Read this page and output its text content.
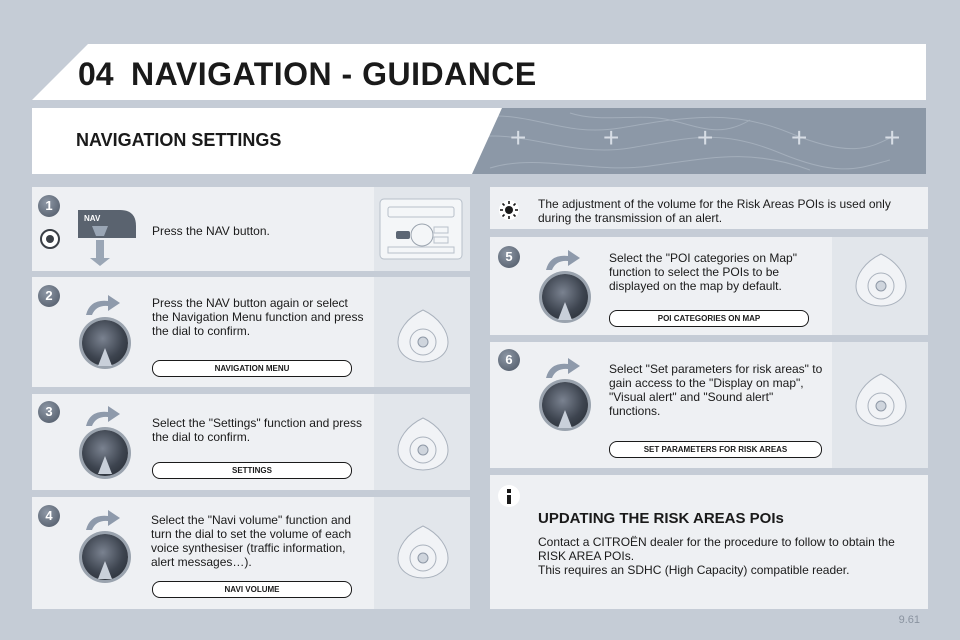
04 NAVIGATION - GUIDANCE
NAVIGATION SETTINGS	+	+	+	+	+
1
NAV
Press the NAV button.
2	Press the NAV button again or select the Navigation Menu function and press the dial to confirm.
NAVIGATION MENU
3
Select the "Settings" function and press the dial to confirm.
SETTINGS
4	Select the "Navi volume" function and turn the dial to set the volume of each voice synthesiser (traffic information, alert messages…).
NAVI VOLUME
The adjustment of the volume for the Risk Areas POIs is used only during the transmission of an alert.
5	Select the "POI categories on Map" function to select the POIs to be displayed on the map by default.
POI CATEGORIES ON MAP
6
Select "Set parameters for risk areas" to gain access to the "Display on map", "Visual alert" and "Sound alert" functions.
SET PARAMETERS FOR RISK AREAS
UPDATING THE RISK AREAS POIs
Contact a CITROËN dealer for the procedure to follow to obtain the RISK AREA POIs.
This requires an SDHC (High Capacity) compatible reader.
9.61
